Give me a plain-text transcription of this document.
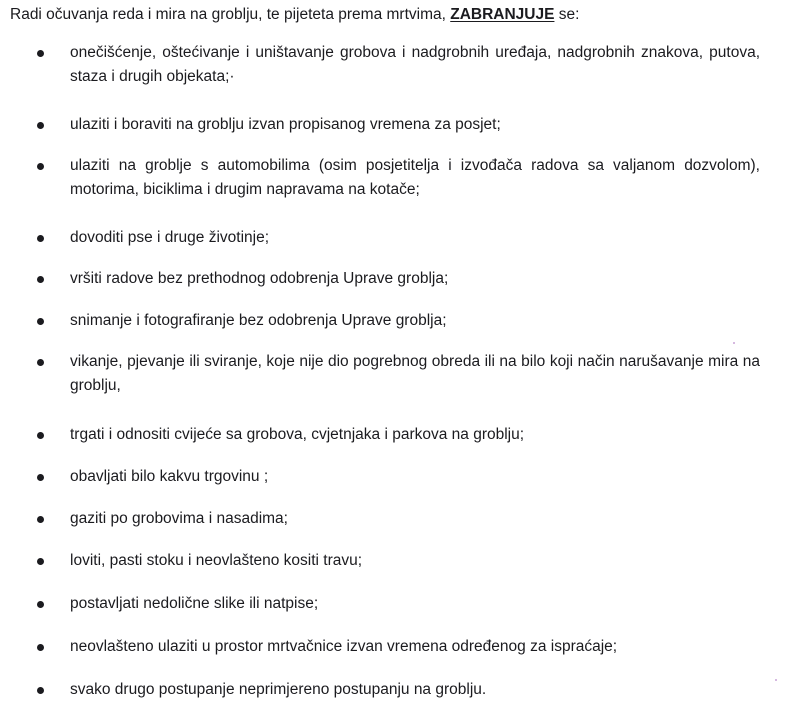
Radi očuvanja reda i mira na groblju, te pijeteta prema mrtvima, ZABRANJUJE se:
onečišćenje, oštećivanje i uništavanje grobova i nadgrobnih uređaja, nadgrobnih znakova, putova, staza i drugih objekata;·
ulaziti i boraviti na groblju izvan propisanog vremena za posjet;
ulaziti na groblje s automobilima (osim posjetitelja i izvođača radova sa valjanom dozvolom), motorima, biciklima i drugim napravama na kotače;
dovoditi pse i druge životinje;
vršiti radove bez prethodnog odobrenja Uprave groblja;
snimanje i fotografiranje bez odobrenja Uprave groblja;
vikanje, pjevanje ili sviranje, koje nije dio pogrebnog obreda ili na bilo koji način narušavanje mira na groblju,
trgati i odnositi cvijeće sa grobova, cvjetnjaka i parkova na groblju;
obavljati bilo kakvu trgovinu ;
gaziti po grobovima i nasadima;
loviti, pasti stoku i neovlašteno kositi travu;
postavljati nedolične slike ili natpise;
neovlašteno ulaziti u prostor mrtvačnice izvan vremena određenog za ispraćaje;
svako drugo postupanje neprimjereno postupanju na groblju.
